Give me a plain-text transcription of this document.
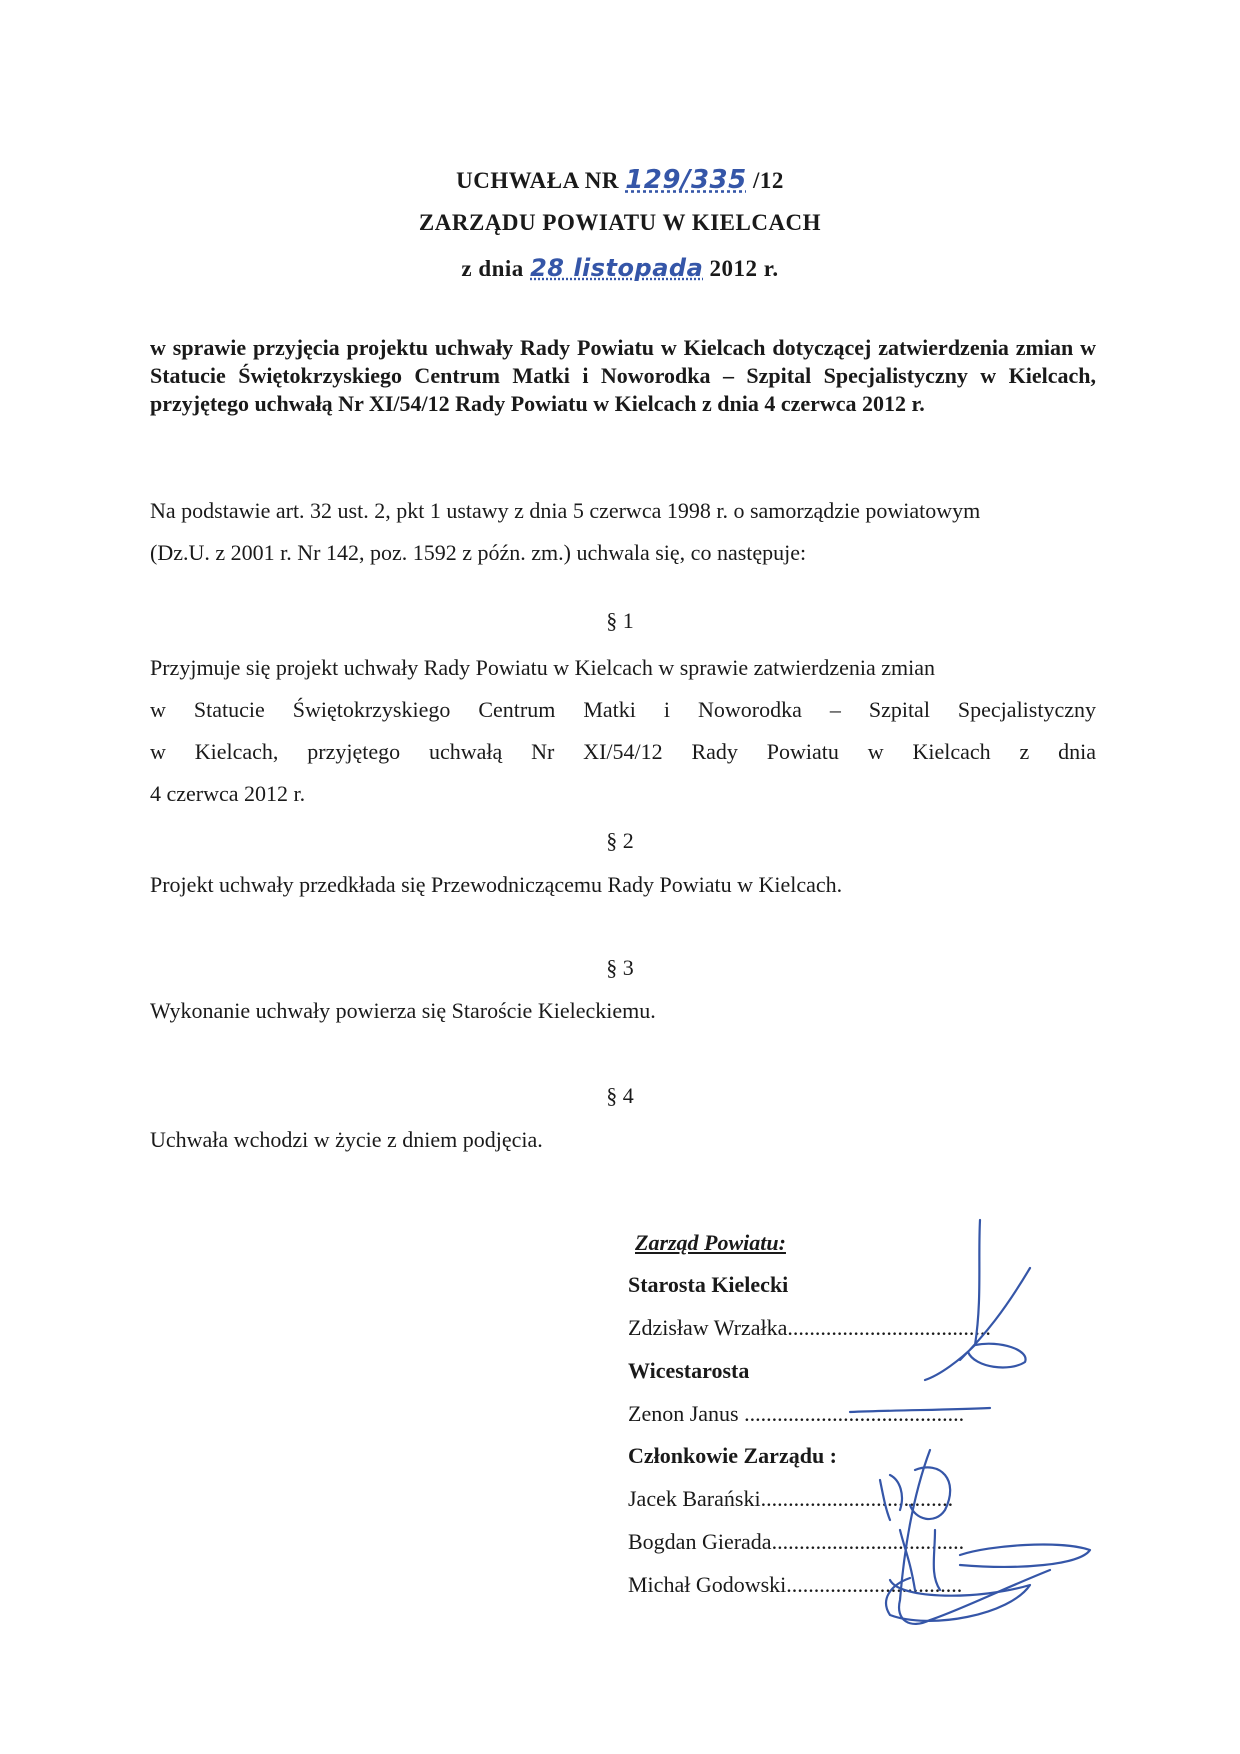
UCHWAŁA NR 129/335 /12
ZARZĄDU POWIATU W KIELCACH
z dnia 28 listopada 2012 r.
w sprawie przyjęcia projektu uchwały Rady Powiatu w Kielcach dotyczącej zatwierdzenia zmian w Statucie Świętokrzyskiego Centrum Matki i Noworodka – Szpital Specjalistyczny w Kielcach, przyjętego uchwałą Nr XI/54/12 Rady Powiatu w Kielcach z dnia 4 czerwca 2012 r.
Na podstawie art. 32 ust. 2, pkt 1 ustawy z dnia 5 czerwca 1998 r. o samorządzie powiatowym
(Dz.U. z 2001 r. Nr 142, poz. 1592 z późn. zm.) uchwala się, co następuje:
§ 1
Przyjmuje się projekt uchwały Rady Powiatu w Kielcach w sprawie zatwierdzenia zmian
w Statucie Świętokrzyskiego Centrum Matki i Noworodka – Szpital Specjalistyczny
w Kielcach, przyjętego uchwałą Nr XI/54/12 Rady Powiatu w Kielcach z dnia
4 czerwca 2012 r.
§ 2
Projekt uchwały przedkłada się Przewodniczącemu Rady Powiatu w Kielcach.
§ 3
Wykonanie uchwały powierza się Staroście Kieleckiemu.
§ 4
Uchwała wchodzi w życie z dniem podjęcia.
Zarząd Powiatu:
Starosta Kielecki
Zdzisław Wrzałka.....................................
Wicestarosta
Zenon Janus ........................................
Członkowie Zarządu :
Jacek Barański...................................
Bogdan Gierada...................................
Michał Godowski................................
